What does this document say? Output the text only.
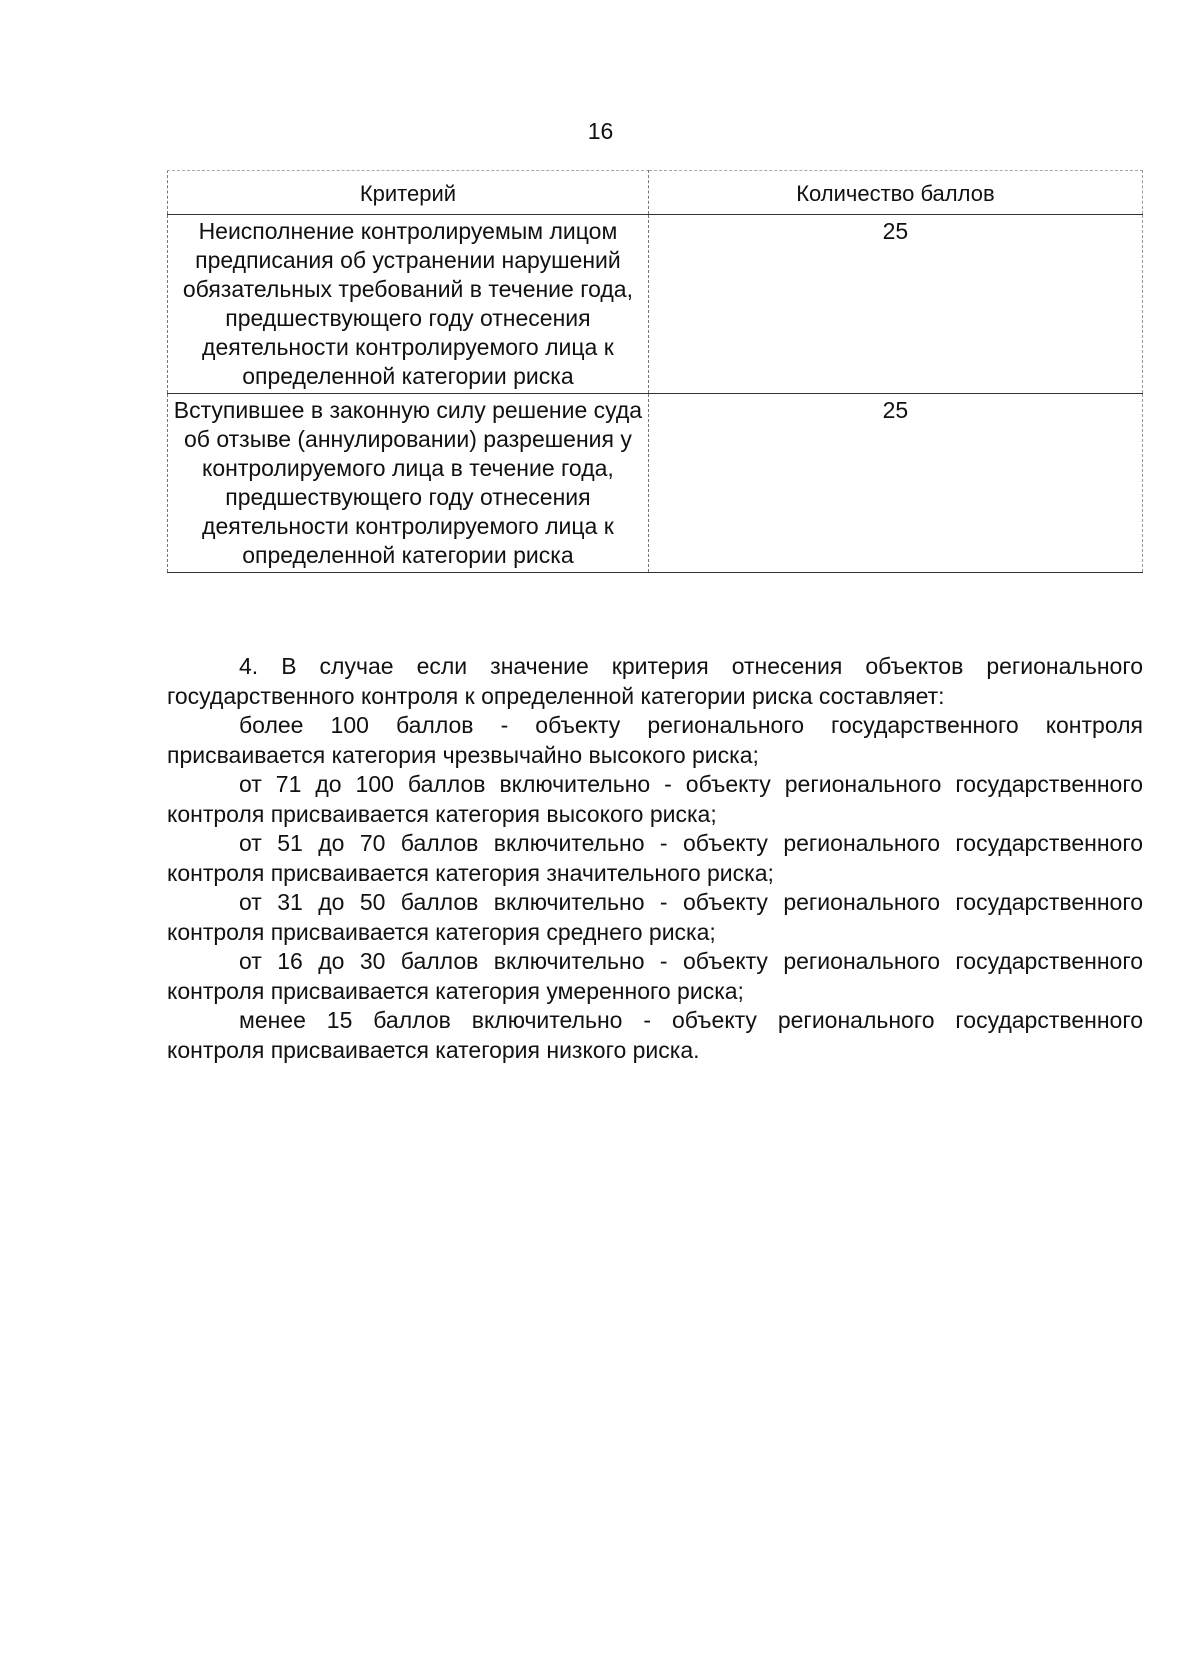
16
Критерий	Количество баллов
Неисполнение контролируемым лицом предписания об устранении нарушений обязательных требований в течение года, предшествующего году отнесения деятельности контролируемого лица к определенной категории риска	25
Вступившее в законную силу решение суда об отзыве (аннулировании) разрешения у контролируемого лица в течение года, предшествующего году отнесения деятельности контролируемого лица к определенной категории риска	25

4. В случае если значение критерия отнесения объектов регионального государственного контроля к определенной категории риска составляет:

более 100 баллов - объекту регионального государственного контроля присваивается категория чрезвычайно высокого риска;

от 71 до 100 баллов включительно - объекту регионального государственного контроля присваивается категория высокого риска;

от 51 до 70 баллов включительно - объекту регионального государственного контроля присваивается категория значительного риска;

от 31 до 50 баллов включительно - объекту регионального государственного контроля присваивается категория среднего риска;

от 16 до 30 баллов включительно - объекту регионального государственного контроля присваивается категория умеренного риска;

менее 15 баллов включительно - объекту регионального государственного контроля присваивается категория низкого риска.
